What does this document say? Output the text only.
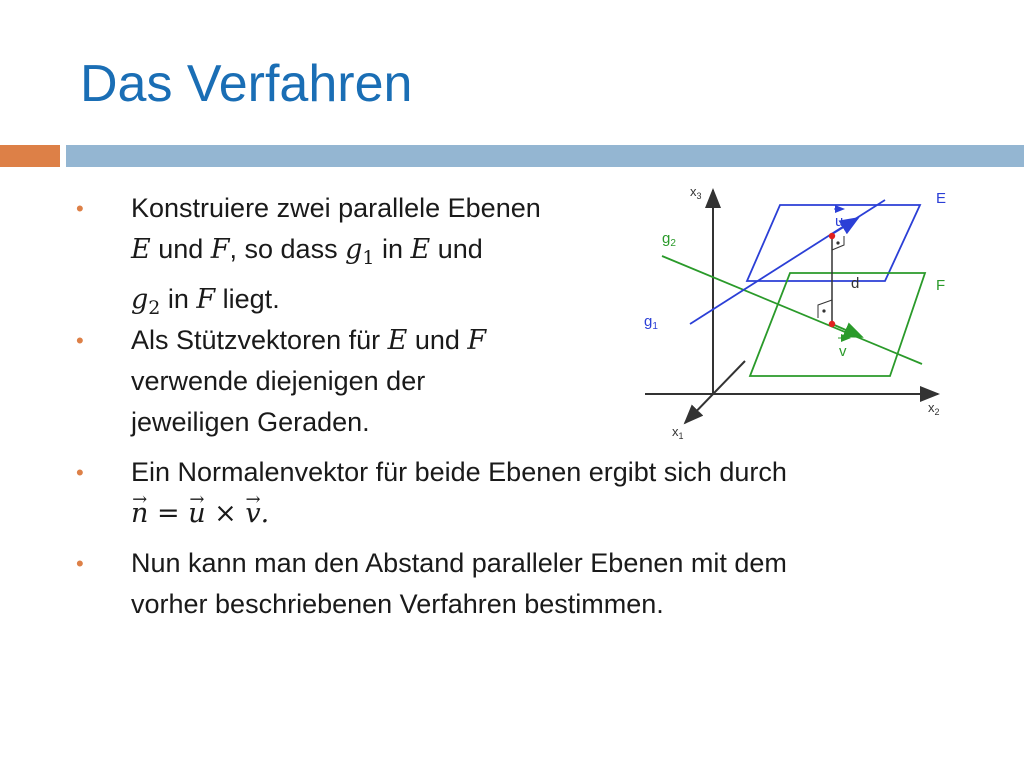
Das Verfahren
• Konstruiere zwei parallele Ebenen
E und F, so dass $g_1$ in E und
$g_2$ in F liegt.
• Als Stützvektoren für E und F
verwende diejenigen der
jeweiligen Geraden.
• Ein Normalenvektor für beide Ebenen ergibt sich durch
→ n = → u × → v.
• Nun kann man den Abstand paralleler Ebenen mit dem
vorher beschriebenen Verfahren bestimmen.
$x_3$
$x_2$
$x_1$
E
F
$g_2$
$g_1$
u
v
d
